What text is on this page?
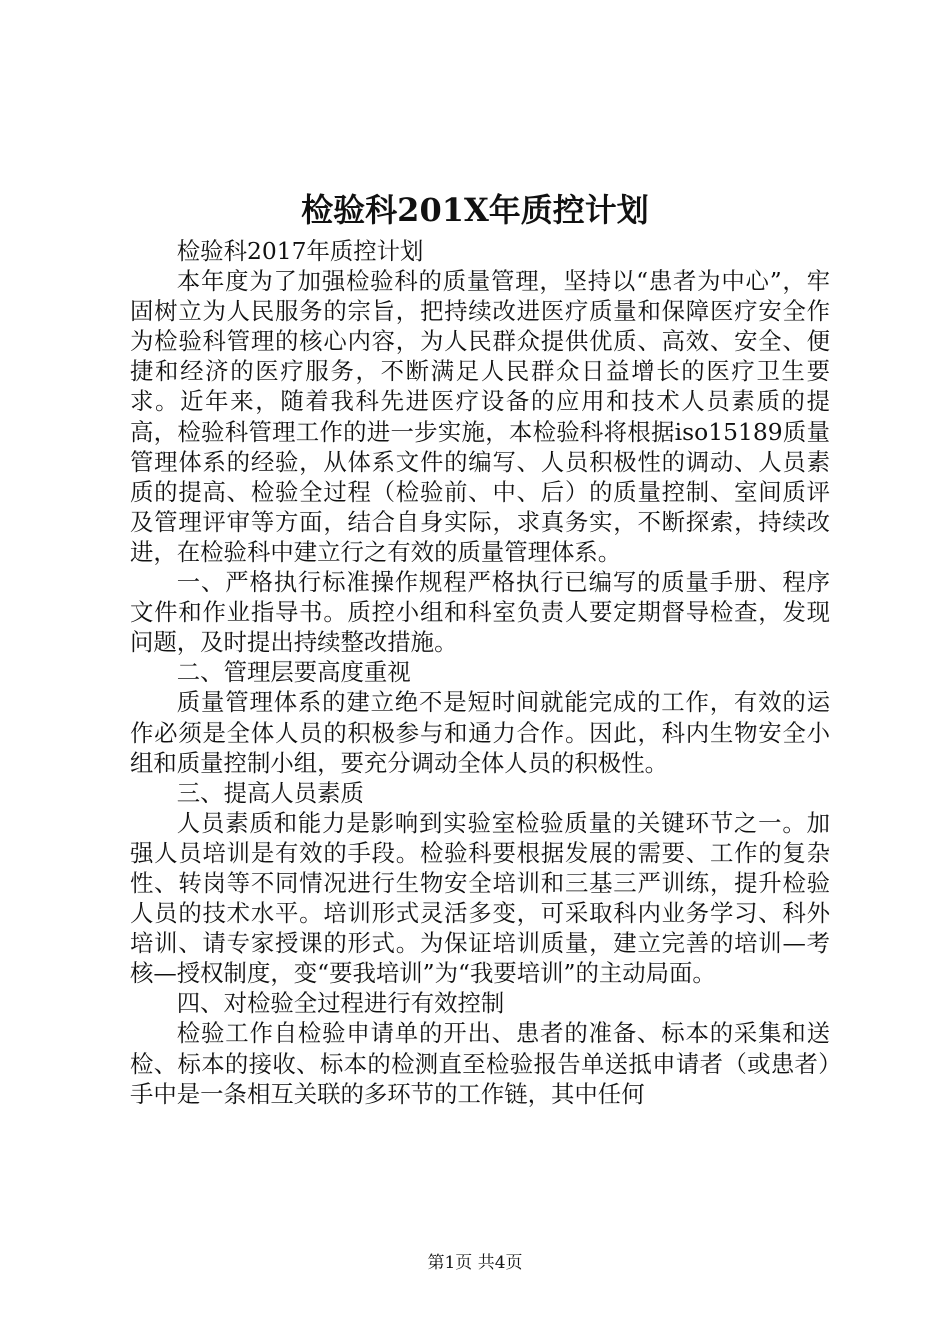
检验科201X年质控计划

检验科2017年质控计划

本年度为了加强检验科的质量管理，坚持以“患者为中心”，牢固树立为人民服务的宗旨，把持续改进医疗质量和保障医疗安全作为检验科管理的核心内容，为人民群众提供优质、高效、安全、便捷和经济的医疗服务，不断满足人民群众日益增长的医疗卫生要求。近年来，随着我科先进医疗设备的应用和技术人员素质的提高，检验科管理工作的进一步实施，本检验科将根据iso15189质量管理体系的经验，从体系文件的编写、人员积极性的调动、人员素质的提高、检验全过程（检验前、中、后）的质量控制、室间质评及管理评审等方面，结合自身实际，求真务实，不断探索，持续改进，在检验科中建立行之有效的质量管理体系。

一、严格执行标准操作规程严格执行已编写的质量手册、程序文件和作业指导书。质控小组和科室负责人要定期督导检查，发现问题，及时提出持续整改措施。

二、管理层要高度重视

质量管理体系的建立绝不是短时间就能完成的工作，有效的运作必须是全体人员的积极参与和通力合作。因此，科内生物安全小组和质量控制小组，要充分调动全体人员的积极性。

三、提高人员素质

人员素质和能力是影响到实验室检验质量的关键环节之一。加强人员培训是有效的手段。检验科要根据发展的需要、工作的复杂性、转岗等不同情况进行生物安全培训和三基三严训练，提升检验人员的技术水平。培训形式灵活多变，可采取科内业务学习、科外培训、请专家授课的形式。为保证培训质量，建立完善的培训—考核—授权制度，变“要我培训”为“我要培训”的主动局面。

四、对检验全过程进行有效控制

检验工作自检验申请单的开出、患者的准备、标本的采集和送检、标本的接收、标本的检测直至检验报告单送抵申请者（或患者）手中是一条相互关联的多环节的工作链，其中任何

第1页 共4页
